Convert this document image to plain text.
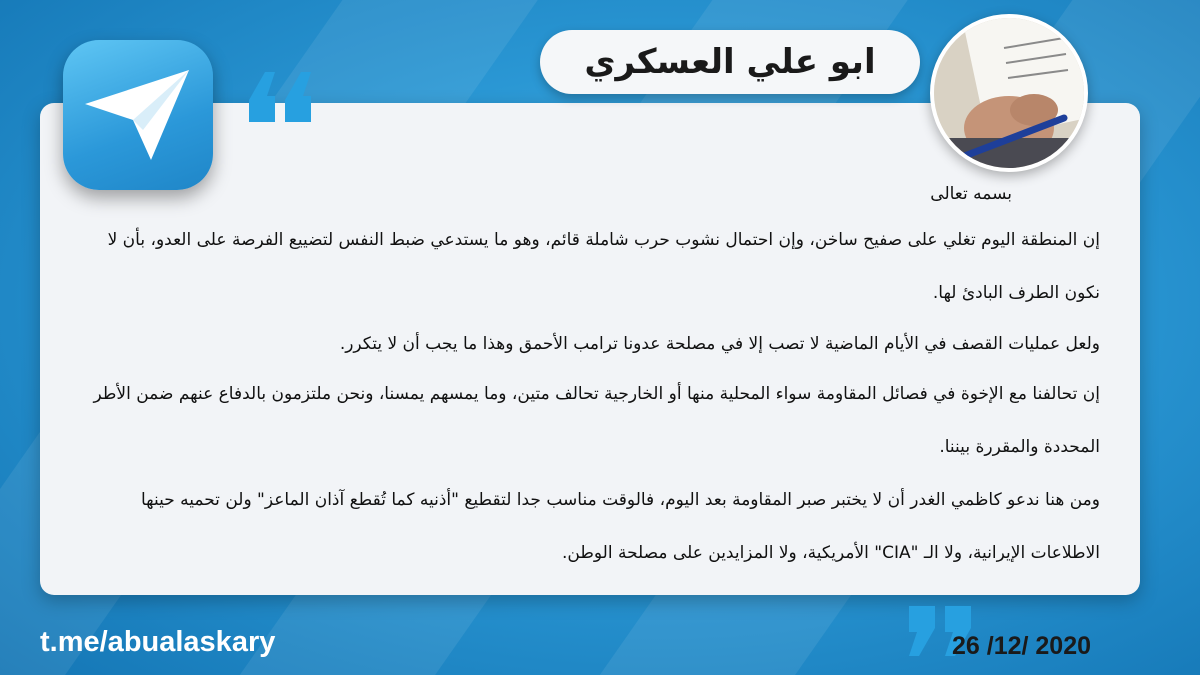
ابو علي العسكري
بسمه تعالى
إن المنطقة اليوم تغلي على صفيح ساخن، وإن احتمال نشوب حرب شاملة قائم، وهو ما يستدعي ضبط النفس لتضييع الفرصة على العدو، بأن لا نكون الطرف البادئ لها.
ولعل عمليات القصف في الأيام الماضية لا تصب إلا في مصلحة عدونا ترامب الأحمق وهذا ما يجب أن لا يتكرر.
إن تحالفنا مع الإخوة في فصائل المقاومة سواء المحلية منها أو الخارجية تحالف متين، وما يمسهم يمسنا، ونحن ملتزمون بالدفاع عنهم ضمن الأطر المحددة والمقررة بيننا.
ومن هنا ندعو كاظمي الغدر أن لا يختبر صبر المقاومة بعد اليوم، فالوقت مناسب جدا لتقطيع "أذنيه كما تُقطع آذان الماعز" ولن تحميه حينها الاطلاعات الإيرانية، ولا الـ "CIA" الأمريكية، ولا المزايدين على مصلحة الوطن.
t.me/abualaskary	26 /12/ 2020
